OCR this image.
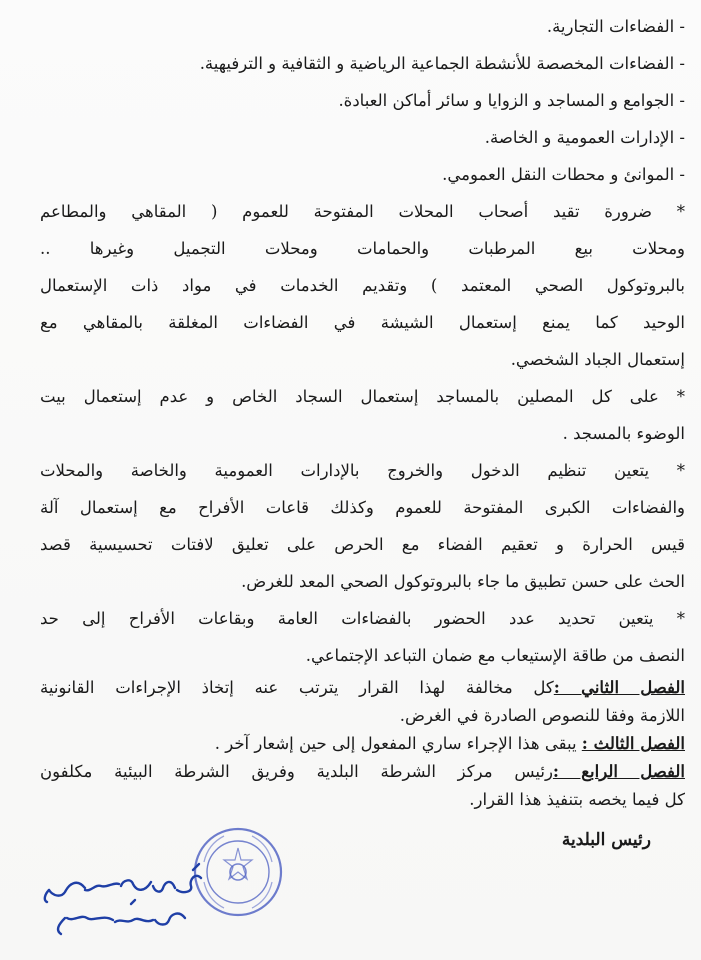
- الفضاءات التجارية.
- الفضاءات المخصصة للأنشطة الجماعية الرياضية و الثقافية و الترفيهية.
- الجوامع و المساجد و الزوايا و سائر أماكن العبادة.
- الإدارات العمومية و الخاصة.
- الموانئ و محطات النقل العمومي.
* ضرورة تقيد أصحاب المحلات المفتوحة للعموم ( المقاهي والمطاعم
ومحلات بيع المرطبات والحمامات ومحلات التجميل وغيرها ..
بالبروتوكول الصحي المعتمد ) وتقديم الخدمات في مواد ذات الإستعمال
الوحيد كما يمنع إستعمال الشيشة في الفضاءات المغلقة بالمقاهي مع
إستعمال الجباد الشخصي.
* على كل المصلين بالمساجد إستعمال السجاد الخاص و عدم إستعمال بيت
الوضوء بالمسجد .
* يتعين تنظيم الدخول والخروج بالإدارات العمومية والخاصة والمحلات
والفضاءات الكبرى المفتوحة للعموم وكذلك قاعات الأفراح مع إستعمال آلة
قيس الحرارة و تعقيم الفضاء مع الحرص على تعليق لافتات تحسيسية قصد
الحث على حسن تطبيق ما جاء بالبروتوكول الصحي المعد للغرض.
* يتعين تحديد عدد الحضور بالفضاءات العامة وبقاعات الأفراح إلى حد
النصف من طاقة الإستيعاب مع ضمان التباعد الإجتماعي.
الفصل الثاني :كل مخالفة لهذا القرار يترتب عنه إتخاذ الإجراءات القانونية
اللازمة وفقا للنصوص الصادرة في الغرض.
الفصل الثالث : يبقى هذا الإجراء ساري المفعول إلى حين إشعار آخر .
الفصل الرابع :رئيس مركز الشرطة البلدية وفريق الشرطة البيئية مكلفون
كل فيما يخصه بتنفيذ هذا القرار.
رئيس البلدية
